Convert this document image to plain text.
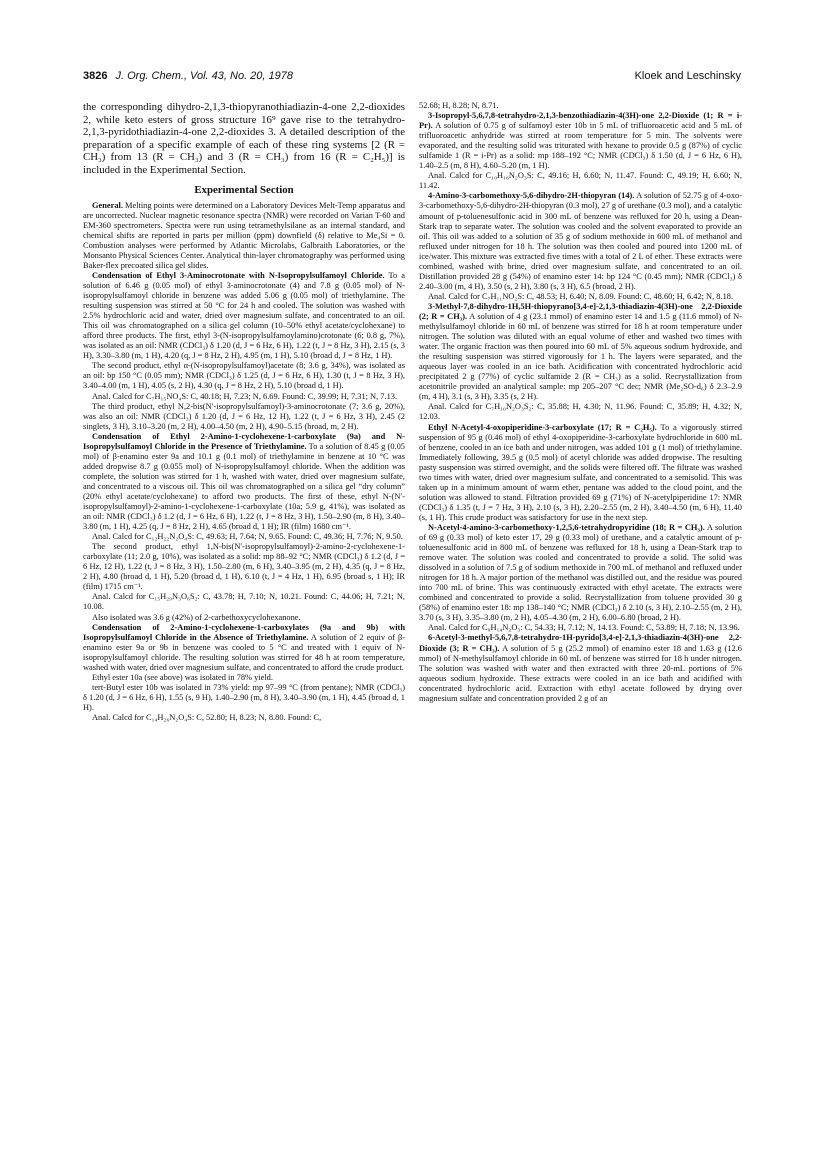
3826 J. Org. Chem., Vol. 43, No. 20, 1978	Kloek and Leschinsky

the corresponding dihydro-2,1,3-thiopyranothiadiazin-4-one 2,2-dioxides 2, while keto esters of gross structure 16⁹ gave rise to the tetrahydro-2,1,3-pyridothiadiazin-4-one 2,2-dioxides 3. A detailed description of the preparation of a specific example of each of these ring systems [2 (R = CH₃) from 13 (R = CH₃) and 3 (R = CH₃) from 16 (R = C₂H₅)] is included in the Experimental Section.

Experimental Section

General. Melting points were determined on a Laboratory Devices Melt-Temp apparatus and are uncorrected. Nuclear magnetic resonance spectra (NMR) were recorded on Varian T-60 and EM-360 spectrometers. Spectra were run using tetramethylsilane as an internal standard, and chemical shifts are reported in parts per million (ppm) downfield (δ) relative to Me₄Si = 0. Combustion analyses were performed by Atlantic Microlabs, Galbraith Laboratories, or the Monsanto Physical Sciences Center. Analytical thin-layer chromatography was performed using Baker-flex precoated silica gel slides.

Condensation of Ethyl 3-Aminocrotonate with N-Isopropylsulfamoyl Chloride. To a solution of 6.46 g (0.05 mol) of ethyl 3-aminocrotonate (4) and 7.8 g (0.05 mol) of N-isopropylsulfamoyl chloride in benzene was added 5.06 g (0.05 mol) of triethylamine. The resulting suspension was stirred at 50 °C for 24 h and cooled. The solution was washed with 2.5% hydrochloric acid and water, dried over magnesium sulfate, and concentrated to an oil. This oil was chromatographed on a silica gel column (10–50% ethyl acetate/cyclohexane) to afford three products. The first, ethyl 3-(N-isopropylsulfamoylamino)crotonate (6; 0.8 g, 7%), was isolated as an oil: NMR (CDCl₃) δ 1.20 (d, J = 6 Hz, 6 H), 1.22 (t, J = 8 Hz, 3 H), 2.15 (s, 3 H), 3.30–3.80 (m, 1 H), 4.20 (q, J = 8 Hz, 2 H), 4.95 (m, 1 H), 5.10 (broad d, J = 8 Hz, 1 H).

The second product, ethyl α-(N-isopropylsulfamoyl)acetate (8; 3.6 g, 34%), was isolated as an oil: bp 150 °C (0.05 mm); NMR (CDCl₃) δ 1.25 (d, J = 6 Hz, 6 H), 1.30 (t, J = 8 Hz, 3 H), 3.40–4.00 (m, 1 H), 4.05 (s, 2 H), 4.30 (q, J = 8 Hz, 2 H), 5.10 (broad d, 1 H).

Anal. Calcd for C₇H₁₅NO₄S: C, 40.18; H, 7.23; N, 6.69. Found: C, 39.99; H, 7.31; N, 7.13.

The third product, ethyl N,2-bis(N′-isopropylsulfamoyl)-3-aminocrotonate (7; 3.6 g, 20%), was also an oil: NMR (CDCl₃) δ 1.20 (d, J = 6 Hz, 12 H), 1.22 (t, J = 6 Hz, 3 H), 2.45 (2 singlets, 3 H), 3.10–3.20 (m, 2 H), 4.00–4.50 (m, 2 H), 4.90–5.15 (broad, m, 2 H).

Condensation of Ethyl 2-Amino-1-cyclohexene-1-carboxylate (9a) and N-Isopropylsulfamoyl Chloride in the Presence of Triethylamine. To a solution of 8.45 g (0.05 mol) of β-enamino ester 9a and 10.1 g (0.1 mol) of triethylamine in benzene at 10 °C was added dropwise 8.7 g (0.055 mol) of N-isopropylsulfamoyl chloride. When the addition was complete, the solution was stirred for 1 h, washed with water, dried over magnesium sulfate, and concentrated to a viscous oil. This oil was chromatographed on a silica gel “dry column” (20% ethyl acetate/cyclohexane) to afford two products. The first of these, ethyl N-(N′-isopropylsulfamoyl)-2-amino-1-cyclohexene-1-carboxylate (10a; 5.9 g, 41%), was isolated as an oil: NMR (CDCl₃) δ 1.2 (d, J = 6 Hz, 6 H), 1.22 (t, J = 8 Hz, 3 H), 1.50–2.90 (m, 8 H), 3.40–3.80 (m, 1 H), 4.25 (q, J = 8 Hz, 2 H), 4.65 (broad d, 1 H); IR (film) 1680 cm⁻¹.

Anal. Calcd for C₁₂H₂₂N₂O₄S: C, 49.63; H, 7.64; N, 9.65. Found: C, 49.36; H, 7.76; N, 9.50.

The second product, ethyl 1,N-bis(N′-isopropylsulfamoyl)-2-amino-2-cyclohexene-1-carboxylate (11; 2.0 g, 10%), was isolated as a solid: mp 88–92 °C; NMR (CDCl₃) δ 1.2 (d, J = 6 Hz, 12 H), 1.22 (t, J = 8 Hz, 3 H), 1.50–2.80 (m, 6 H), 3.40–3.95 (m, 2 H), 4.35 (q, J = 8 Hz, 2 H), 4.80 (broad d, 1 H), 5.20 (broad d, 1 H), 6.10 (t, J = 4 Hz, 1 H), 6.95 (broad s, 1 H); IR (film) 1715 cm⁻¹.

Anal. Calcd for C₁₅H₂₉N₃O₆S₂: C, 43.78; H, 7.10; N, 10.21. Found: C, 44.06; H, 7.21; N, 10.08.

Also isolated was 3.6 g (42%) of 2-carbethoxycyclohexanone.

Condensation of 2-Amino-1-cyclohexene-1-carboxylates (9a and 9b) with Isopropylsulfamoyl Chloride in the Absence of Triethylamine. A solution of 2 equiv of β-enamino ester 9a or 9b in benzene was cooled to 5 °C and treated with 1 equiv of N-isopropylsulfamoyl chloride. The resulting solution was stirred for 48 h at room temperature, washed with water, dried over magnesium sulfate, and concentrated to afford the crude product.

Ethyl ester 10a (see above) was isolated in 78% yield.

tert-Butyl ester 10b was isolated in 73% yield: mp 97–99 °C (from pentane); NMR (CDCl₃) δ 1.20 (d, J = 6 Hz, 6 H), 1.55 (s, 9 H), 1.40–2.90 (m, 8 H), 3.40–3.90 (m, 1 H), 4.45 (broad d, 1 H).

Anal. Calcd for C₁₄H₂₆N₂O₄S: C, 52.80; H, 8.23; N, 8.80. Found: C,

52.68; H, 8.28; N, 8.71.

3-Isopropyl-5,6,7,8-tetrahydro-2,1,3-benzothiadiazin-4(3H)-one 2,2-Dioxide (1; R = i-Pr). A solution of 0.75 g of sulfamoyl ester 10b in 5 mL of trifluoroacetic acid and 5 mL of trifluoroacetic anhydride was stirred at room temperature for 5 min. The solvents were evaporated, and the resulting solid was triturated with hexane to provide 0.5 g (87%) of cyclic sulfamide 1 (R = i-Pr) as a solid: mp 188–192 °C; NMR (CDCl₃) δ 1.50 (d, J = 6 Hz, 6 H), 1.40–2.5 (m, 8 H), 4.60–5.20 (m, 1 H).

Anal. Calcd for C₁₀H₁₆N₂O₃S: C, 49.16; H, 6.60; N, 11.47. Found: C, 49.19; H, 6.60; N, 11.42.

4-Amino-3-carbomethoxy-5,6-dihydro-2H-thiopyran (14). A solution of 52.75 g of 4-oxo-3-carbomethoxy-5,6-dihydro-2H-thiopyran (0.3 mol), 27 g of urethane (0.3 mol), and a catalytic amount of p-toluenesulfonic acid in 300 mL of benzene was refluxed for 20 h, using a Dean-Stark trap to separate water. The solution was cooled and the solvent evaporated to provide an oil. This oil was added to a solution of 35 g of sodium methoxide in 600 mL of methanol and refluxed under nitrogen for 18 h. The solution was then cooled and poured into 1200 mL of ice/water. This mixture was extracted five times with a total of 2 L of ether. These extracts were combined, washed with brine, dried over magnesium sulfate, and concentrated to an oil. Distillation provided 28 g (54%) of enamino ester 14: bp 124 °C (0.45 mm); NMR (CDCl₃) δ 2.40–3.00 (m, 4 H), 3.50 (s, 2 H), 3.80 (s, 3 H), 6.5 (broad, 2 H).

Anal. Calcd for C₇H₁₁NO₂S: C, 48.53; H, 6.40; N, 8.09. Found: C, 48.60; H, 6.42; N, 8.18.

3-Methyl-7,8-dihydro-1H,5H-thiopyrano[3,4-e]-2,1,3-thiadiazin-4(3H)-one 2,2-Dioxide (2; R = CH₃). A solution of 4 g (23.1 mmol) of enamino ester 14 and 1.5 g (11.6 mmol) of N-methylsulfamoyl chloride in 60 mL of benzene was stirred for 18 h at room temperature under nitrogen. The solution was diluted with an equal volume of ether and washed two times with water. The organic fraction was then poured into 60 mL of 5% aqueous sodium hydroxide, and the resulting suspension was stirred vigorously for 1 h. The layers were separated, and the aqueous layer was cooled in an ice bath. Acidification with concentrated hydrochloric acid precipitated 2 g (77%) of cyclic sulfamide 2 (R = CH₃) as a solid. Recrystallization from acetonitrile provided an analytical sample: mp 205–207 °C dec; NMR (Me₂SO-d₆) δ 2.3–2.9 (m, 4 H), 3.1 (s, 3 H), 3.35 (s, 2 H).

Anal. Calcd for C₇H₁₀N₂O₃S₂: C, 35.88; H, 4.30; N, 11.96. Found: C, 35.89; H, 4.32; N, 12.03.

Ethyl N-Acetyl-4-oxopiperidine-3-carboxylate (17; R = C₂H₅). To a vigorously stirred suspension of 95 g (0.46 mol) of ethyl 4-oxopiperidine-3-carboxylate hydrochloride in 600 mL of benzene, cooled in an ice bath and under nitrogen, was added 101 g (1 mol) of triethylamine. Immediately following, 39.5 g (0.5 mol) of acetyl chloride was added dropwise. The resulting pasty suspension was stirred overnight, and the solids were filtered off. The filtrate was washed two times with water, dried over magnesium sulfate, and concentrated to a semisolid. This was taken up in a minimum amount of warm ether, pentane was added to the cloud point, and the solution was allowed to stand. Filtration provided 69 g (71%) of N-acetylpiperidine 17: NMR (CDCl₃) δ 1.35 (t, J = 7 Hz, 3 H), 2.10 (s, 3 H), 2.20–2.55 (m, 2 H), 3.40–4.50 (m, 6 H), 11.40 (s, 1 H). This crude product was satisfactory for use in the next step.

N-Acetyl-4-amino-3-carbomethoxy-1,2,5,6-tetrahydropyridine (18; R = CH₃). A solution of 69 g (0.33 mol) of keto ester 17, 29 g (0.33 mol) of urethane, and a catalytic amount of p-toluenesulfonic acid in 800 mL of benzene was refluxed for 18 h, using a Dean-Stark trap to remove water. The solution was cooled and concentrated to provide a solid. The solid was dissolved in a solution of 7.5 g of sodium methoxide in 700 mL of methanol and refluxed under nitrogen for 18 h. A major portion of the methanol was distilled out, and the residue was poured into 700 mL of brine. This was continuously extracted with ethyl acetate. The extracts were combined and concentrated to provide a solid. Recrystallization from toluene provided 30 g (58%) of enamino ester 18: mp 138–140 °C; NMR (CDCl₃) δ 2.10 (s, 3 H), 2.10–2.55 (m, 2 H), 3.70 (s, 3 H), 3.35–3.80 (m, 2 H), 4.05–4.30 (m, 2 H), 6.00–6.80 (broad, 2 H).

Anal. Calcd for C₉H₁₄N₂O₃: C, 54.33; H, 7.12; N, 14.13. Found: C, 53.89; H, 7.18; N, 13.96.

6-Acetyl-3-methyl-5,6,7,8-tetrahydro-1H-pyrido[3,4-e]-2,1,3-thiadiazin-4(3H)-one 2,2-Dioxide (3; R = CH₃). A solution of 5 g (25.2 mmol) of enamino ester 18 and 1.63 g (12.6 mmol) of N-methylsulfamoyl chloride in 60 mL of benzene was stirred for 18 h under nitrogen. The solution was washed with water and then extracted with three 20-mL portions of 5% aqueous sodium hydroxide. These extracts were cooled in an ice bath and acidified with concentrated hydrochloric acid. Extraction with ethyl acetate followed by drying over magnesium sulfate and concentration provided 2 g of an
